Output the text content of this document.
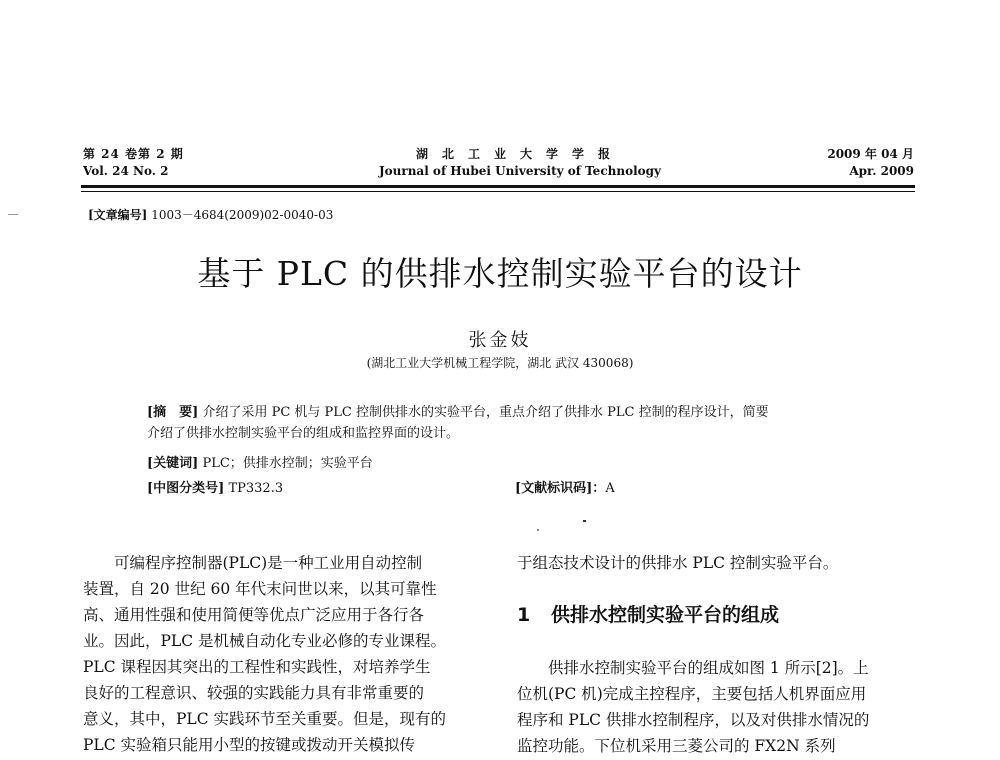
第 24 卷第 2 期
Vol. 24 No. 2
湖北工业大学学报
Journal of Hubei University of Technology
2009 年 04 月
Apr. 2009
[文章编号] 1003－4684(2009)02-0040-03
基于 PLC 的供排水控制实验平台的设计
张金妓
(湖北工业大学机械工程学院，湖北 武汉 430068)
[摘　要] 介绍了采用 PC 机与 PLC 控制供排水的实验平台，重点介绍了供排水 PLC 控制的程序设计，简要
介绍了供排水控制实验平台的组成和监控界面的设计。
[关键词] PLC；供排水控制；实验平台
[中图分类号] TP332.3	[文献标识码]：A
可编程序控制器(PLC)是一种工业用自动控制
装置，自 20 世纪 60 年代末问世以来，以其可靠性
高、通用性强和使用简便等优点广泛应用于各行各
业。因此，PLC 是机械自动化专业必修的专业课程。
PLC 课程因其突出的工程性和实践性，对培养学生
良好的工程意识、较强的实践能力具有非常重要的
意义，其中，PLC 实践环节至关重要。但是，现有的
PLC 实验箱只能用小型的按键或拨动开关模拟传
于组态技术设计的供排水 PLC 控制实验平台。
1 供排水控制实验平台的组成
供排水控制实验平台的组成如图 1 所示[2]。上
位机(PC 机)完成主控程序，主要包括人机界面应用
程序和 PLC 供排水控制程序，以及对供排水情况的
监控功能。下位机采用三菱公司的 FX2N 系列
